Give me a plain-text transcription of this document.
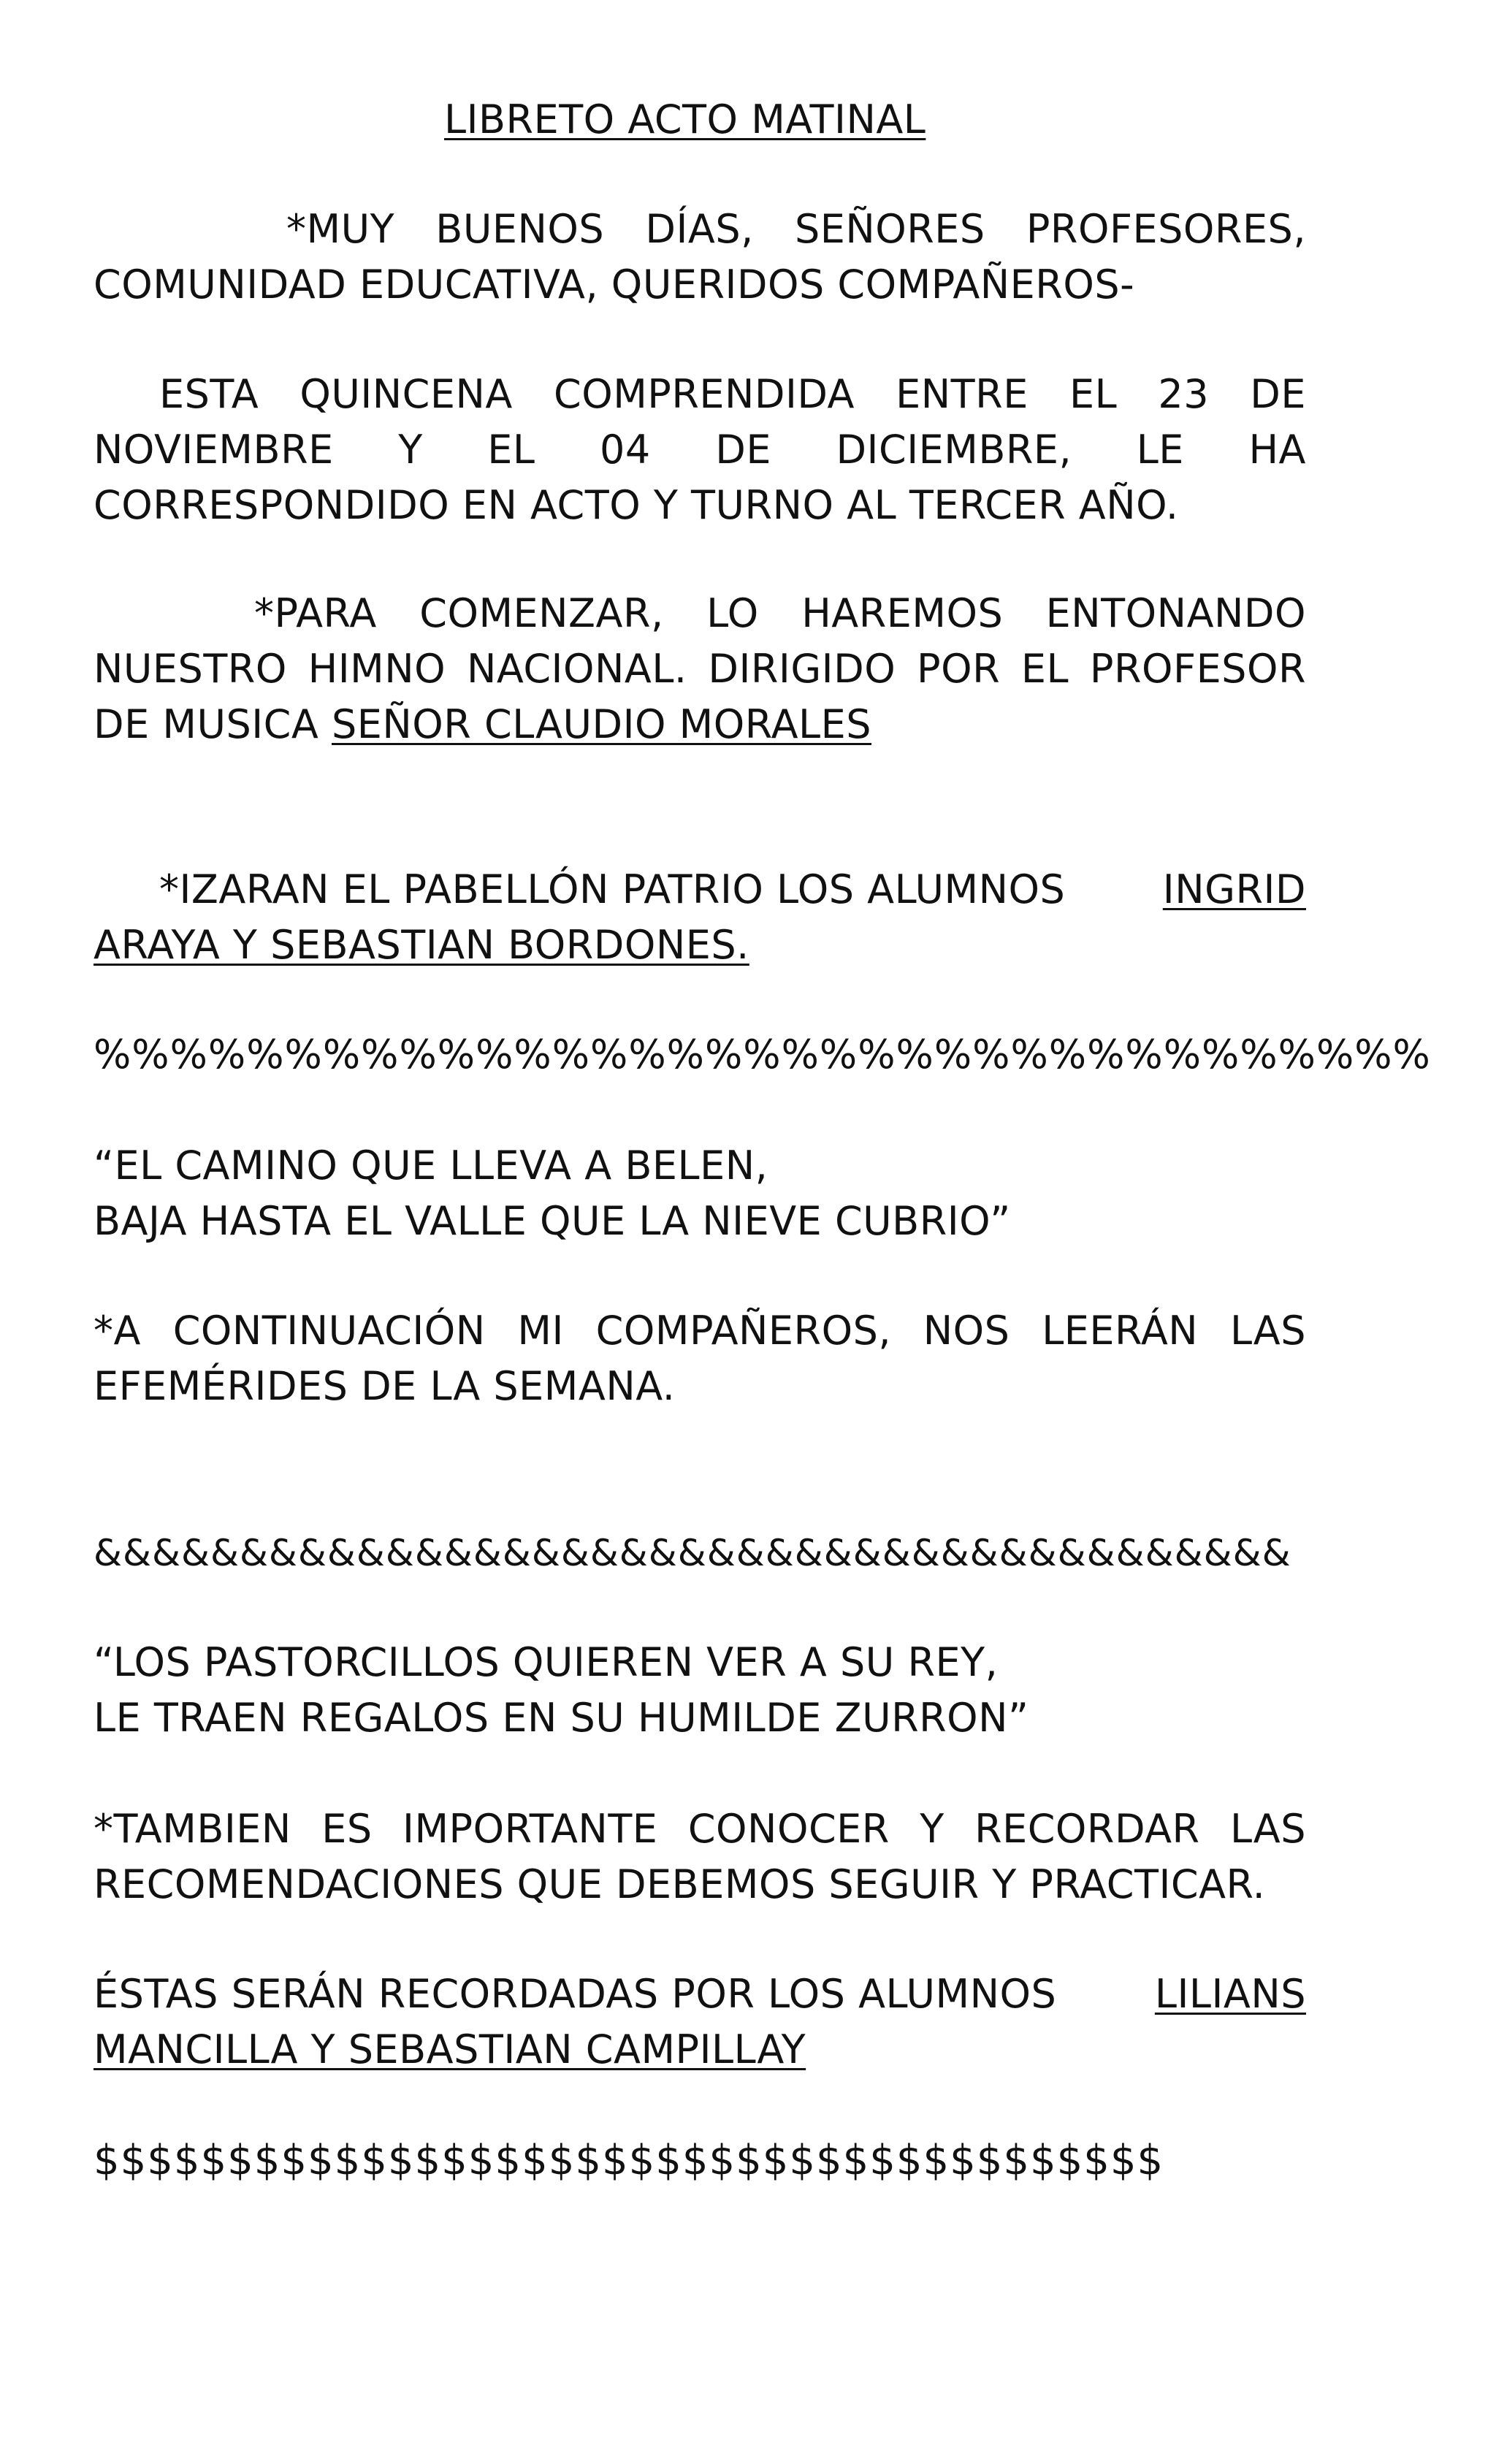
LIBRETO ACTO MATINAL
*MUY BUENOS DÍAS, SEÑORES PROFESORES,
COMUNIDAD EDUCATIVA, QUERIDOS COMPAÑEROS-
ESTA QUINCENA COMPRENDIDA ENTRE EL 23 DE
NOVIEMBRE Y EL 04 DE DICIEMBRE, LE HA
CORRESPONDIDO EN ACTO Y TURNO AL TERCER AÑO.
*PARA COMENZAR, LO HAREMOS ENTONANDO
NUESTRO HIMNO NACIONAL. DIRIGIDO POR EL PROFESOR
DE MUSICA SEÑOR CLAUDIO MORALES
*IZARAN EL PABELLÓN PATRIO LOS ALUMNOS INGRID
ARAYA Y SEBASTIAN BORDONES.
%%%%%%%%%%%%%%%%%%%%%%%%%%%%%%%%%%%
“EL CAMINO QUE LLEVA A BELEN,
BAJA HASTA EL VALLE QUE LA NIEVE CUBRIO”
*A CONTINUACIÓN MI COMPAÑEROS, NOS LEERÁN LAS
EFEMÉRIDES DE LA SEMANA.
&&&&&&&&&&&&&&&&&&&&&&&&&&&&&&&&&&&&&&&&&
“LOS PASTORCILLOS QUIEREN VER A SU REY,
LE TRAEN REGALOS EN SU HUMILDE ZURRON”
*TAMBIEN ES IMPORTANTE CONOCER Y RECORDAR LAS
RECOMENDACIONES QUE DEBEMOS SEGUIR Y PRACTICAR.
ÉSTAS SERÁN RECORDADAS POR LOS ALUMNOS LILIANS
MANCILLA Y SEBASTIAN CAMPILLAY
$$$$$$$$$$$$$$$$$$$$$$$$$$$$$$$$$$$$$$$$
